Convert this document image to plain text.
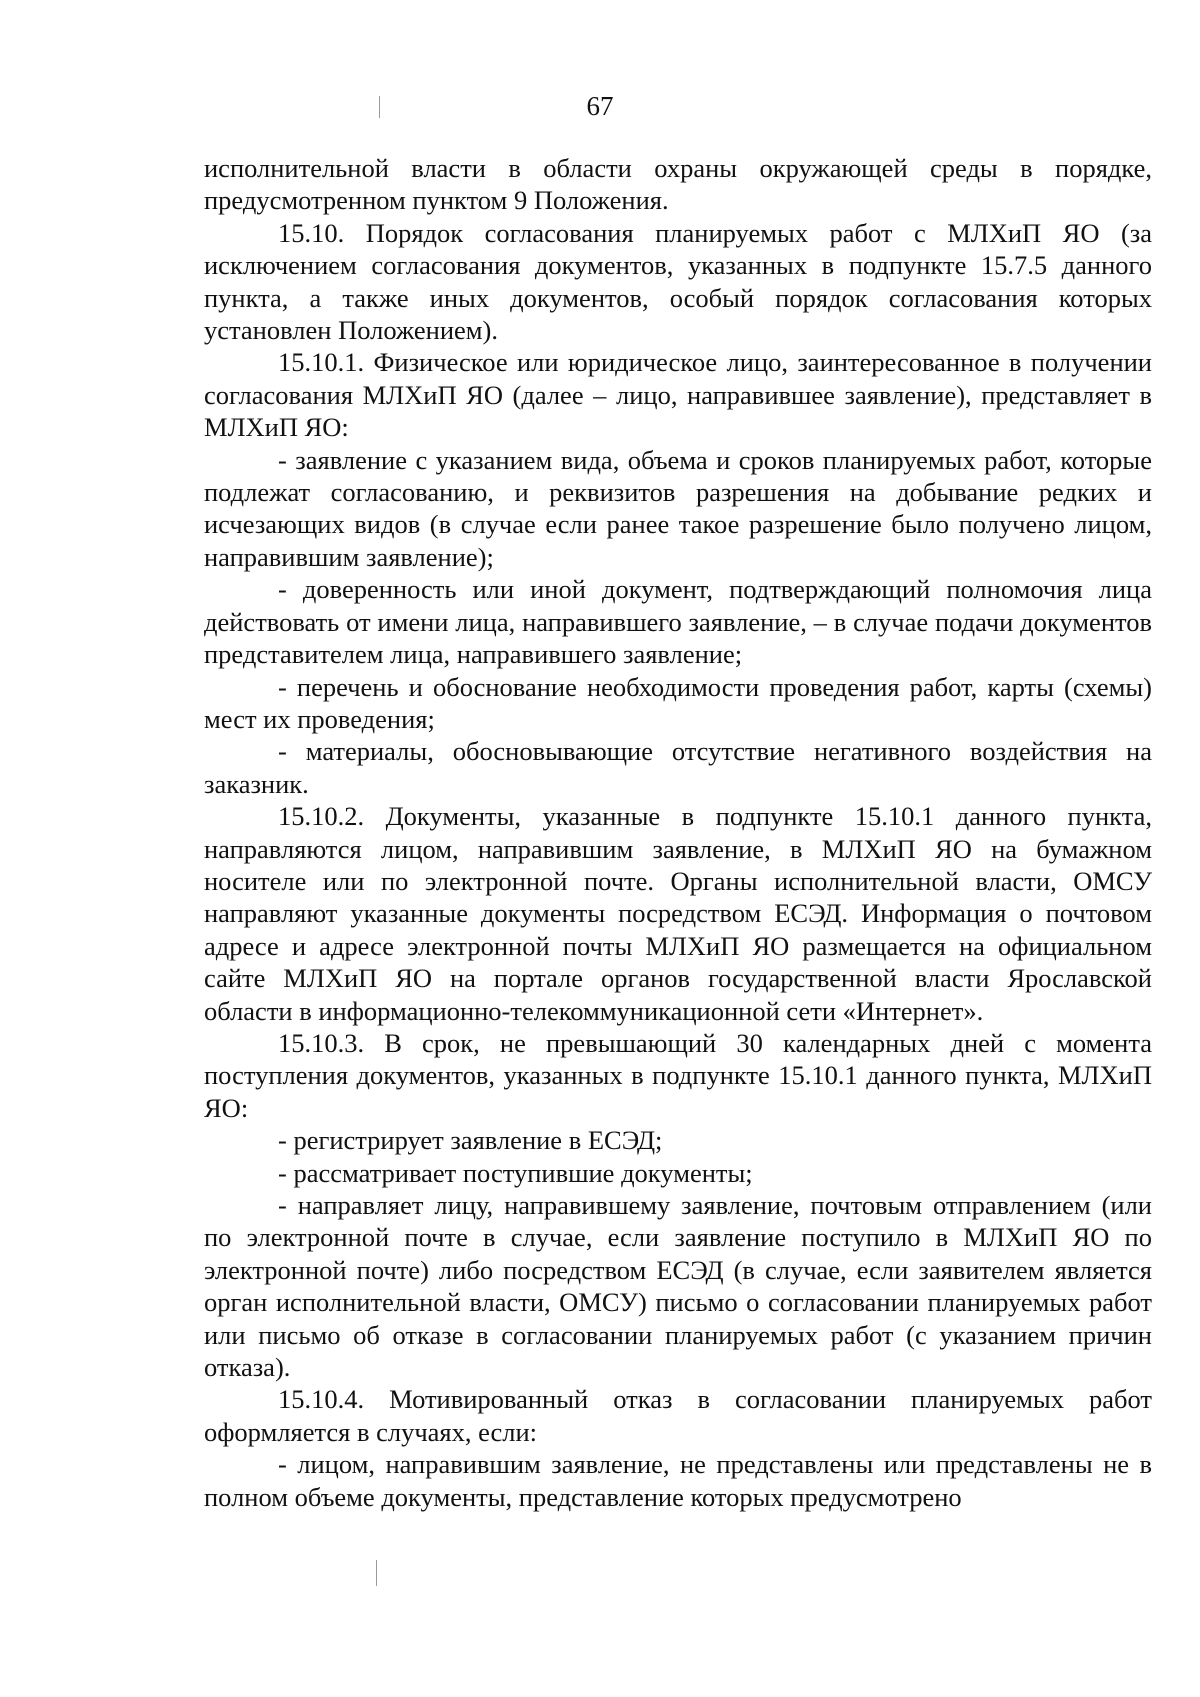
67

исполнительной власти в области охраны окружающей среды в порядке, предусмотренном пунктом 9 Положения.

15.10. Порядок согласования планируемых работ с МЛХиП ЯО (за исключением согласования документов, указанных в подпункте 15.7.5 данного пункта, а также иных документов, особый порядок согласования которых установлен Положением).

15.10.1. Физическое или юридическое лицо, заинтересованное в получении согласования МЛХиП ЯО (далее – лицо, направившее заявление), представляет в МЛХиП ЯО:

- заявление с указанием вида, объема и сроков планируемых работ, которые подлежат согласованию, и реквизитов разрешения на добывание редких и исчезающих видов (в случае если ранее такое разрешение было получено лицом, направившим заявление);

- доверенность или иной документ, подтверждающий полномочия лица действовать от имени лица, направившего заявление, – в случае подачи документов представителем лица, направившего заявление;

- перечень и обоснование необходимости проведения работ, карты (схемы) мест их проведения;

- материалы, обосновывающие отсутствие негативного воздействия на заказник.

15.10.2. Документы, указанные в подпункте 15.10.1 данного пункта, направляются лицом, направившим заявление, в МЛХиП ЯО на бумажном носителе или по электронной почте. Органы исполнительной власти, ОМСУ направляют указанные документы посредством ЕСЭД. Информация о почтовом адресе и адресе электронной почты МЛХиП ЯО размещается на официальном сайте МЛХиП ЯО на портале органов государственной власти Ярославской области в информационно-телекоммуникационной сети «Интернет».

15.10.3. В срок, не превышающий 30 календарных дней с момента поступления документов, указанных в подпункте 15.10.1 данного пункта, МЛХиП ЯО:

- регистрирует заявление в ЕСЭД;

- рассматривает поступившие документы;

- направляет лицу, направившему заявление, почтовым отправлением (или по электронной почте в случае, если заявление поступило в МЛХиП ЯО по электронной почте) либо посредством ЕСЭД (в случае, если заявителем является орган исполнительной власти, ОМСУ) письмо о согласовании планируемых работ или письмо об отказе в согласовании планируемых работ (с указанием причин отказа).

15.10.4. Мотивированный отказ в согласовании планируемых работ оформляется в случаях, если:

- лицом, направившим заявление, не представлены или представлены не в полном объеме документы, представление которых предусмотрено
